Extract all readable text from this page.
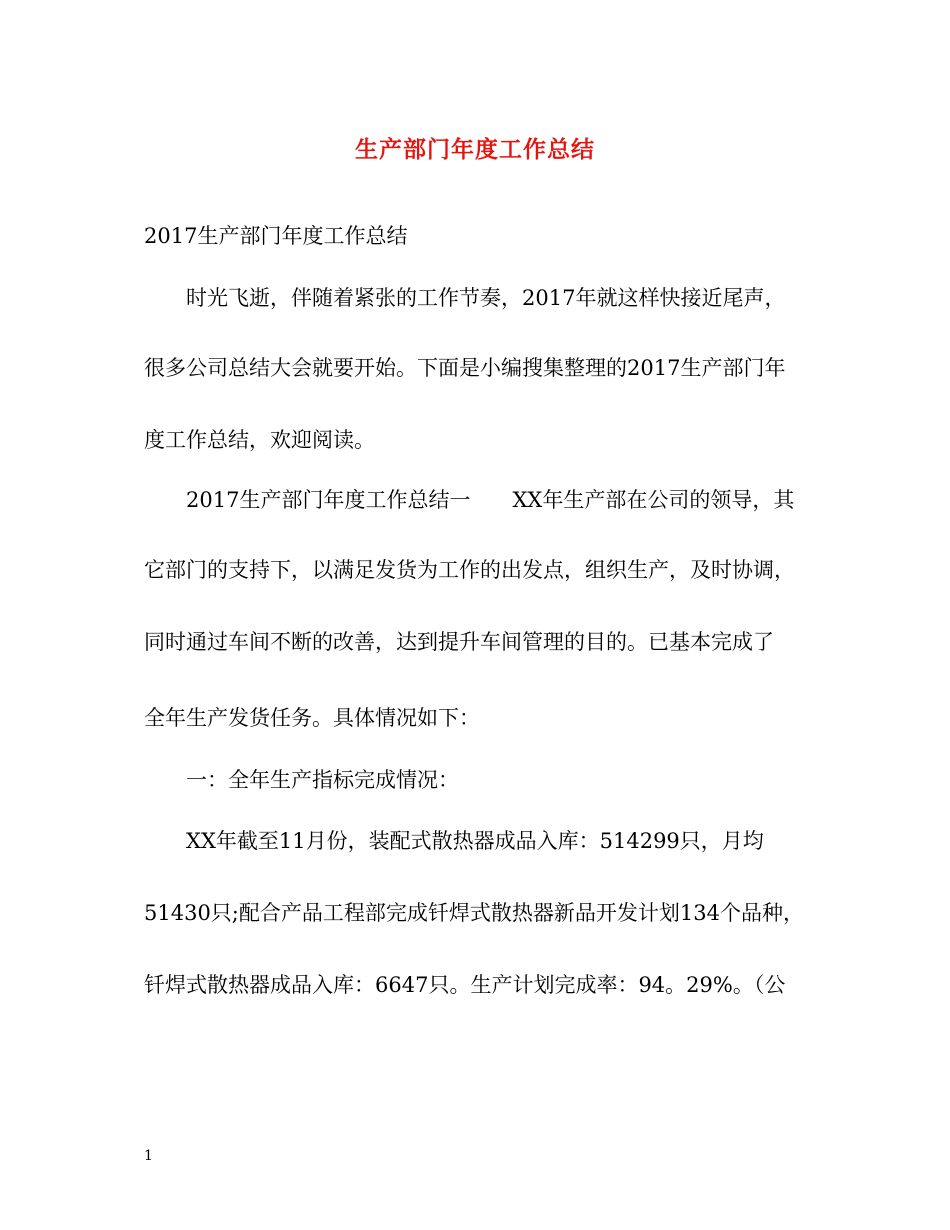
生产部门年度工作总结
2017生产部门年度工作总结
　　时光飞逝，伴随着紧张的工作节奏，2017年就这样快接近尾声，
很多公司总结大会就要开始。下面是小编搜集整理的2017生产部门年
度工作总结，欢迎阅读。
　　2017生产部门年度工作总结一　　XX年生产部在公司的领导，其
它部门的支持下，以满足发货为工作的出发点，组织生产，及时协调，
同时通过车间不断的改善，达到提升车间管理的目的。已基本完成了
全年生产发货任务。具体情况如下：
　　一：全年生产指标完成情况：
　　XX年截至11月份，装配式散热器成品入库：514299只，月均
51430只;配合产品工程部完成钎焊式散热器新品开发计划134个品种，
钎焊式散热器成品入库：6647只。生产计划完成率：94。29%。（公
1
